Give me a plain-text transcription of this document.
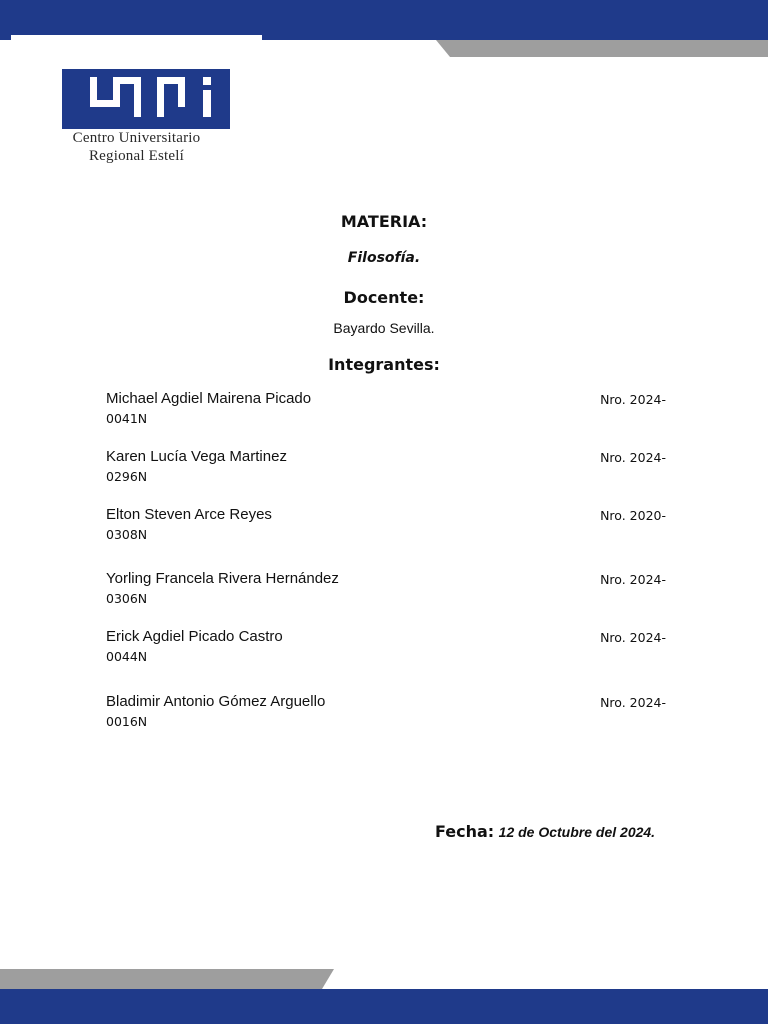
Centro Universitario
Regional Estelí
MATERIA:
Filosofía.
Docente:
Bayardo Sevilla.
Integrantes:
Michael Agdiel Mairena Picado	Nro. 2024-
0041N
Karen Lucía Vega Martinez	Nro. 2024-
0296N
Elton Steven Arce Reyes	Nro. 2020-
0308N
Yorling Francela Rivera Hernández	Nro. 2024-
0306N
Erick Agdiel Picado Castro	Nro. 2024-
0044N
Bladimir Antonio Gómez Arguello	Nro. 2024-
0016N
Fecha: 12 de Octubre del 2024.
